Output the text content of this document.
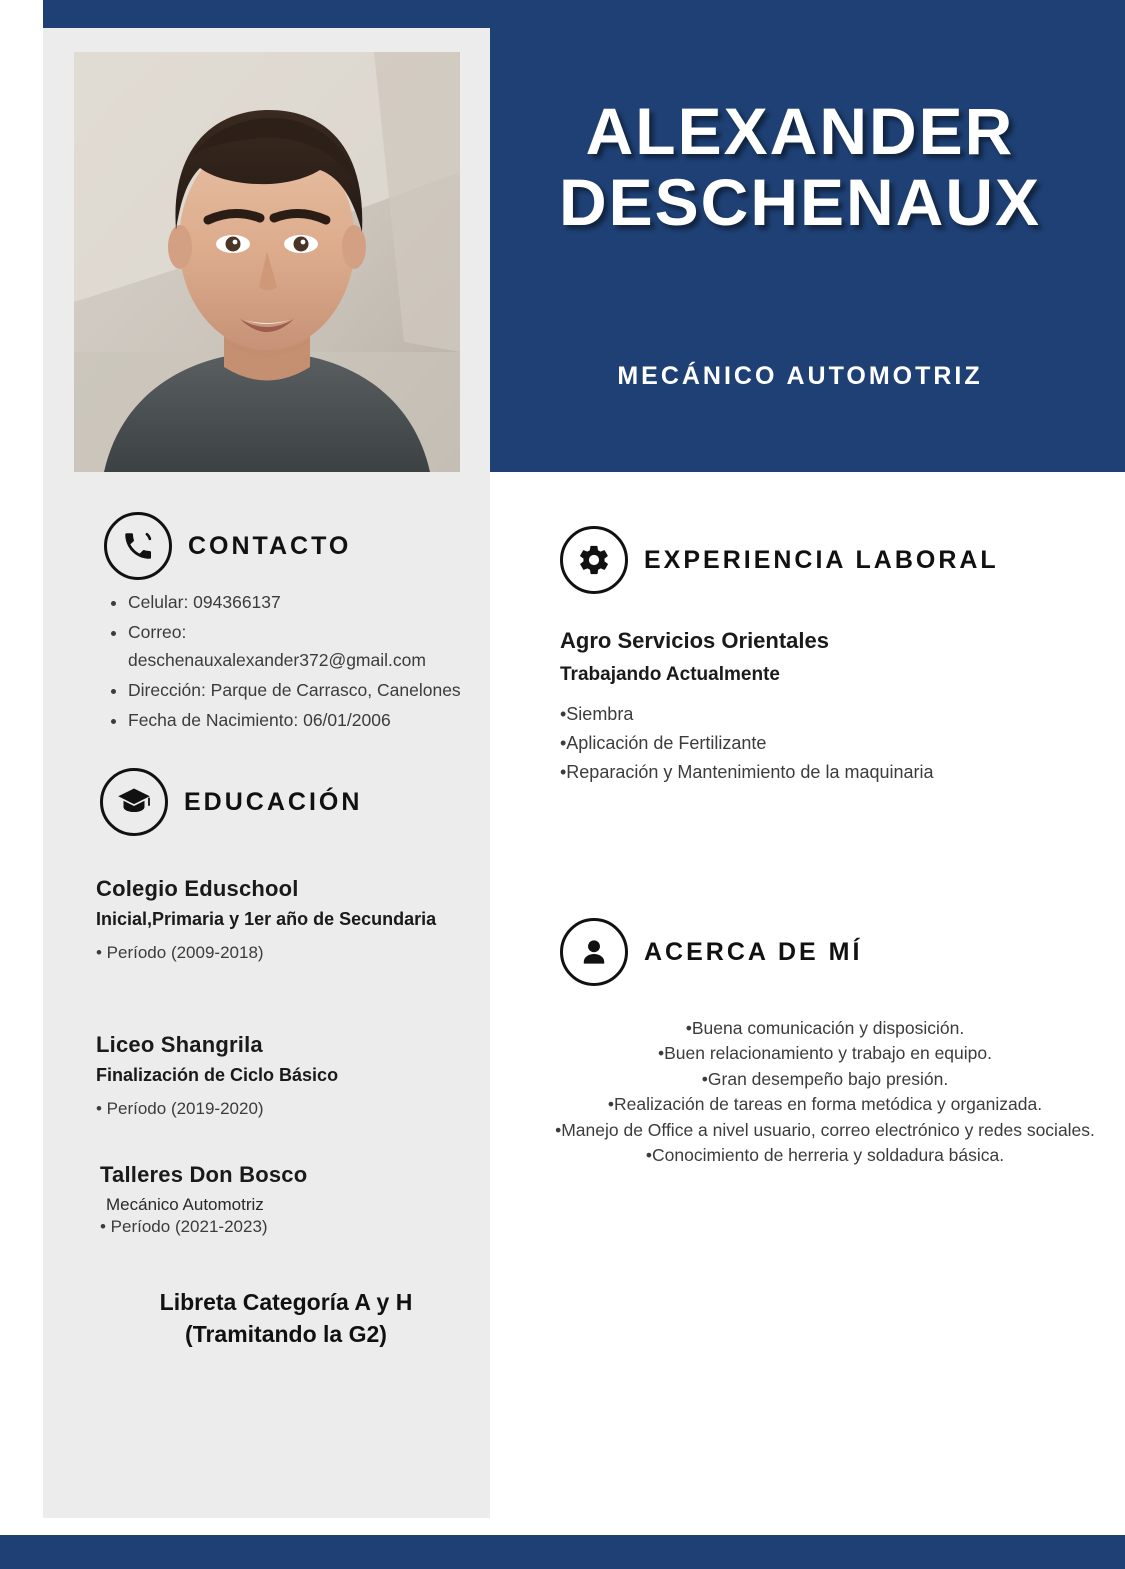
ALEXANDER
DESCHENAUX
MECÁNICO AUTOMOTRIZ
CONTACTO
• Celular: 094366137
• Correo: deschenauxalexander372@gmail.com
• Dirección: Parque de Carrasco, Canelones
• Fecha de Nacimiento: 06/01/2006
EDUCACIÓN

Colegio Eduschool

Inicial,Primaria y 1er año de Secundaria

• Período (2009-2018)

Liceo Shangrila

Finalización de Ciclo Básico

• Período (2019-2020)

Talleres Don Bosco

Mecánico Automotriz

• Período (2021-2023)

Libreta Categoría A y H
(Tramitando la G2)
EXPERIENCIA LABORAL

Agro Servicios Orientales

Trabajando Actualmente

•Siembra

•Aplicación de Fertilizante

•Reparación y Mantenimiento de la maquinaria

ACERCA DE MÍ
•Buena comunicación y disposición.
•Buen relacionamiento y trabajo en equipo.
•Gran desempeño bajo presión.
•Realización de tareas en forma metódica y organizada.
•Manejo de Office a nivel usuario, correo electrónico y redes sociales.
•Conocimiento de herreria y soldadura básica.
